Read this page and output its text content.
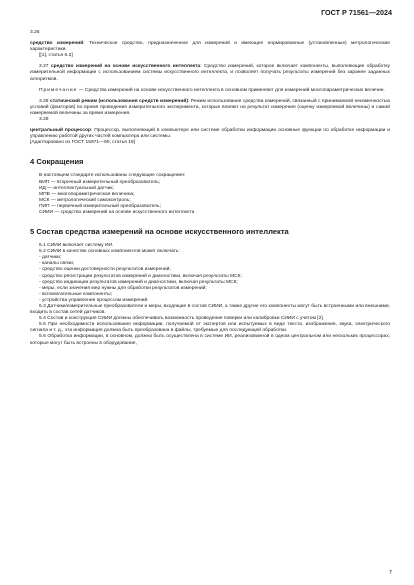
ГОСТ Р 71561—2024

3.26

средство измерений: Техническое средство, предназначенное для измерений и имеющее нормированные (установленные) метрологические характеристики.

[[1], статья 6.2]

3.27 средство измерений на основе искусственного интеллекта: Средство измерений, которое включает компоненты, выполняющие обработку измерительной информации с использованием системы искусственного интеллекта, и позволяет получать результаты измерений без заранее заданных алгоритмов.

Примечание — Средства измерений на основе искусственного интеллекта в основном применяют для измерений многопараметрических величин.

3.28 статический режим (использования средств измерений): Режим использования средства измерений, связанный с принимаемой неизменностью условий (факторов) во время проведения измерительного эксперимента, которые влияют на результат измерения (оценку измеряемой величины) и самой измеряемой величины за время измерения.

3.29

центральный процессор: Процессор, выполняющий в компьютере или системе обработки информации основные функции по обработке информации и управлению работой других частей компьютера или системы.

[Адаптировано из ГОСТ 15971—90, статья 19]

4 Сокращения

В настоящем стандарте использованы следующие сокращения:

ВИП — вторичный измерительный преобразователь;

ИД — интеллектуальный датчик;

МПВ — многопараметрическая величина;

МСК — метрологический самоконтроль;

ПИП — первичный измерительный преобразователь;

СИИИ — средство измерений на основе искусственного интеллекта

5 Состав средства измерений на основе искусственного интеллекта

5.1 СИИИ включает систему ИИ.

5.2 СИИИ в качестве основных компонентов может включать:

- датчики;

- каналы связи;

- средство оценки достоверности результатов измерений;

- средство регистрации результатов измерений и диагностики, включая результаты МСК;

- средство индикации результатов измерений и диагностики, включая результаты МСК;

- меры, если значения мер нужны для обработки результатов измерений;

- вспомогательные компоненты;

- устройства управления процессом измерений.

5.3 Датчики/измерительные преобразователи и меры, входящие в состав СИИИ, а также другие его компоненты могут быть встроенными или внешними, входить в состав сетей датчиков.

5.4 Состав и конструкция СИИИ должны обеспечивать возможность проведения поверки или калибровки СИИИ с учетом [2].

5.5 При необходимости использования информации, получаемой от экспертов или испытуемых в виде текста, изображения, звука, электрического сигнала и т. д., эта информация должна быть преобразована в файлы, требуемые для последующей обработки.

5.6 Обработка информации, в основном, должна быть осуществлена в системе ИИ, реализованной в одном центральном или нескольких процессорах, которые могут быть встроены в оборудование,

7
